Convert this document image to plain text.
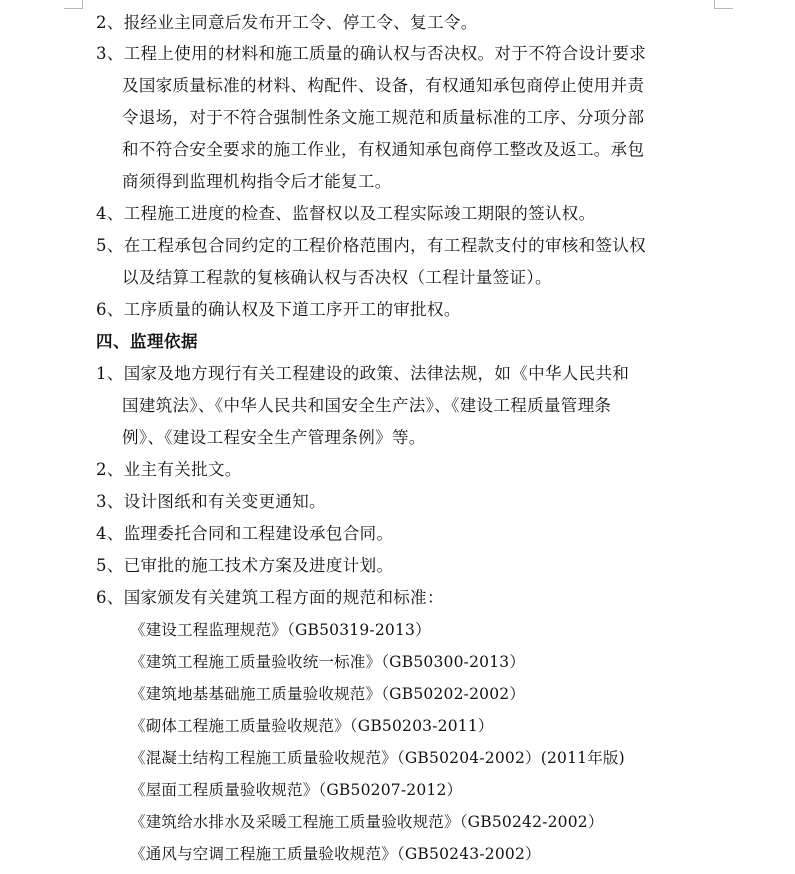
2、报经业主同意后发布开工令、停工令、复工令。
3、工程上使用的材料和施工质量的确认权与否决权。对于不符合设计要求
及国家质量标准的材料、构配件、设备，有权通知承包商停止使用并责
令退场，对于不符合强制性条文施工规范和质量标准的工序、分项分部
和不符合安全要求的施工作业，有权通知承包商停工整改及返工。承包
商须得到监理机构指令后才能复工。
4、工程施工进度的检查、监督权以及工程实际竣工期限的签认权。
5、在工程承包合同约定的工程价格范围内，有工程款支付的审核和签认权
以及结算工程款的复核确认权与否决权（工程计量签证）。
6、工序质量的确认权及下道工序开工的审批权。
四、监理依据
1、国家及地方现行有关工程建设的政策、法律法规，如《中华人民共和
国建筑法》、《中华人民共和国安全生产法》、《建设工程质量管理条
例》、《建设工程安全生产管理条例》等。
2、业主有关批文。
3、设计图纸和有关变更通知。
4、监理委托合同和工程建设承包合同。
5、已审批的施工技术方案及进度计划。
6、国家颁发有关建筑工程方面的规范和标准：
《建设工程监理规范》（GB50319-2013）
《建筑工程施工质量验收统一标准》（GB50300-2013）
《建筑地基基础施工质量验收规范》（GB50202-2002）
《砌体工程施工质量验收规范》（GB50203-2011）
《混凝土结构工程施工质量验收规范》（GB50204-2002）(2011年版)
《屋面工程质量验收规范》（GB50207-2012）
《建筑给水排水及采暖工程施工质量验收规范》（GB50242-2002）
《通风与空调工程施工质量验收规范》（GB50243-2002）
